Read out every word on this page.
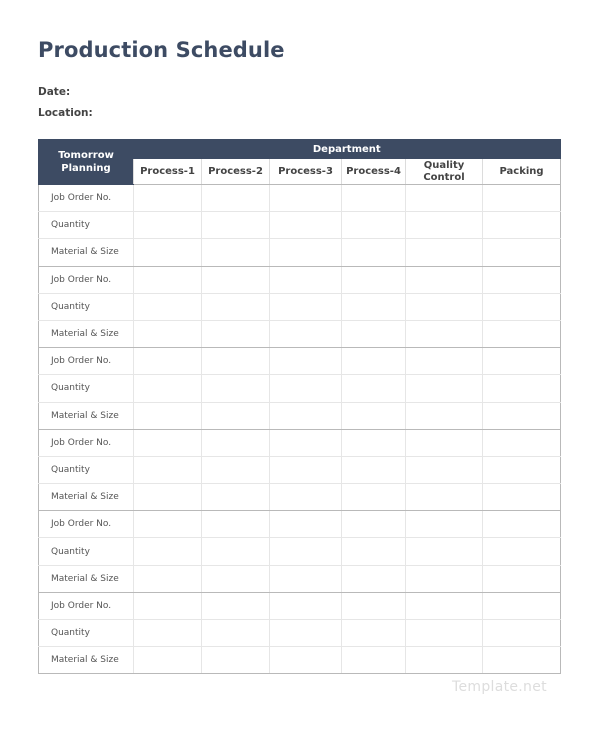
Production Schedule
Date:
Location:
Tomorrow Planning	Department					
	Process-1	Process-2	Process-3	Process-4	Quality Control	Packing
Job Order No.						
Quantity						
Material & Size						
Job Order No.						
Quantity						
Material & Size						
Job Order No.						
Quantity						
Material & Size						
Job Order No.						
Quantity						
Material & Size						
Job Order No.						
Quantity						
Material & Size						
Job Order No.						
Quantity						
Material & Size						
Template.net
